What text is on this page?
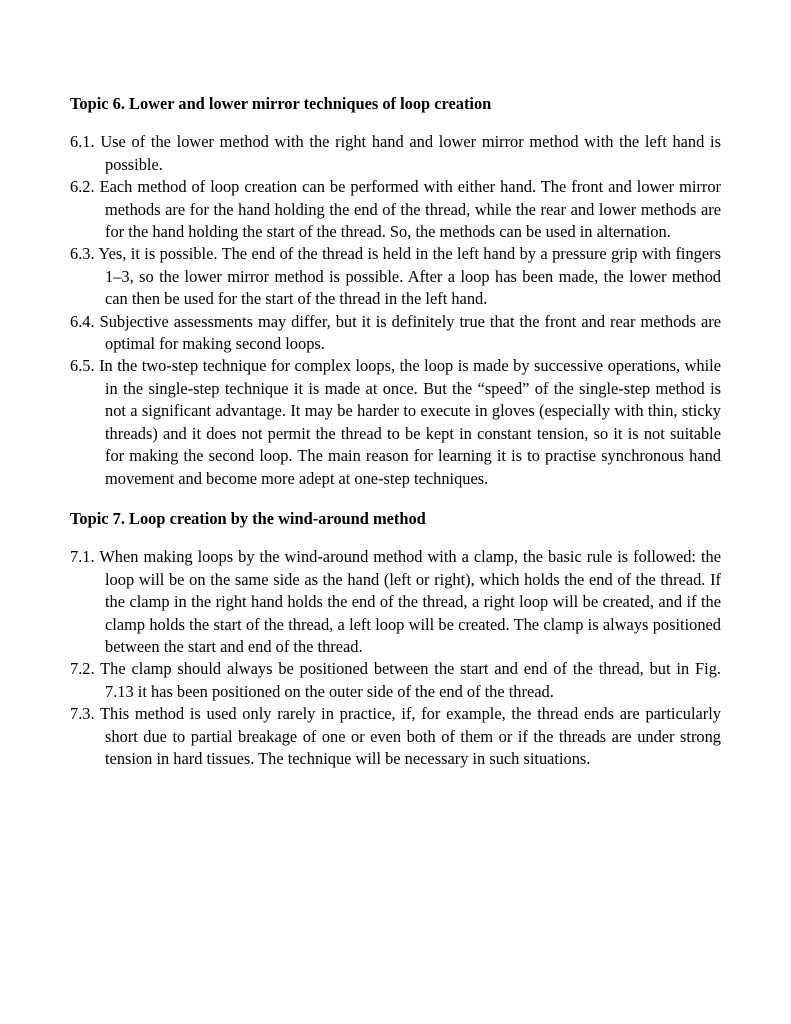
Topic 6. Lower and lower mirror techniques of loop creation

6.1. Use of the lower method with the right hand and lower mirror method with the left hand is possible.

6.2. Each method of loop creation can be performed with either hand. The front and lower mirror methods are for the hand holding the end of the thread, while the rear and lower methods are for the hand holding the start of the thread. So, the methods can be used in alternation.

6.3. Yes, it is possible. The end of the thread is held in the left hand by a pressure grip with fingers 1–3, so the lower mirror method is possible. After a loop has been made, the lower method can then be used for the start of the thread in the left hand.

6.4. Subjective assessments may differ, but it is definitely true that the front and rear methods are optimal for making second loops.

6.5. In the two-step technique for complex loops, the loop is made by successive operations, while in the single-step technique it is made at once. But the “speed” of the single-step method is not a significant advantage. It may be harder to execute in gloves (especially with thin, sticky threads) and it does not permit the thread to be kept in constant tension, so it is not suitable for making the second loop. The main reason for learning it is to practise synchronous hand movement and become more adept at one-step techniques.

Topic 7. Loop creation by the wind-around method

7.1. When making loops by the wind-around method with a clamp, the basic rule is followed: the loop will be on the same side as the hand (left or right), which holds the end of the thread. If the clamp in the right hand holds the end of the thread, a right loop will be created, and if the clamp holds the start of the thread, a left loop will be created. The clamp is always positioned between the start and end of the thread.

7.2. The clamp should always be positioned between the start and end of the thread, but in Fig. 7.13 it has been positioned on the outer side of the end of the thread.

7.3. This method is used only rarely in practice, if, for example, the thread ends are particularly short due to partial breakage of one or even both of them or if the threads are under strong tension in hard tissues. The technique will be necessary in such situations.
